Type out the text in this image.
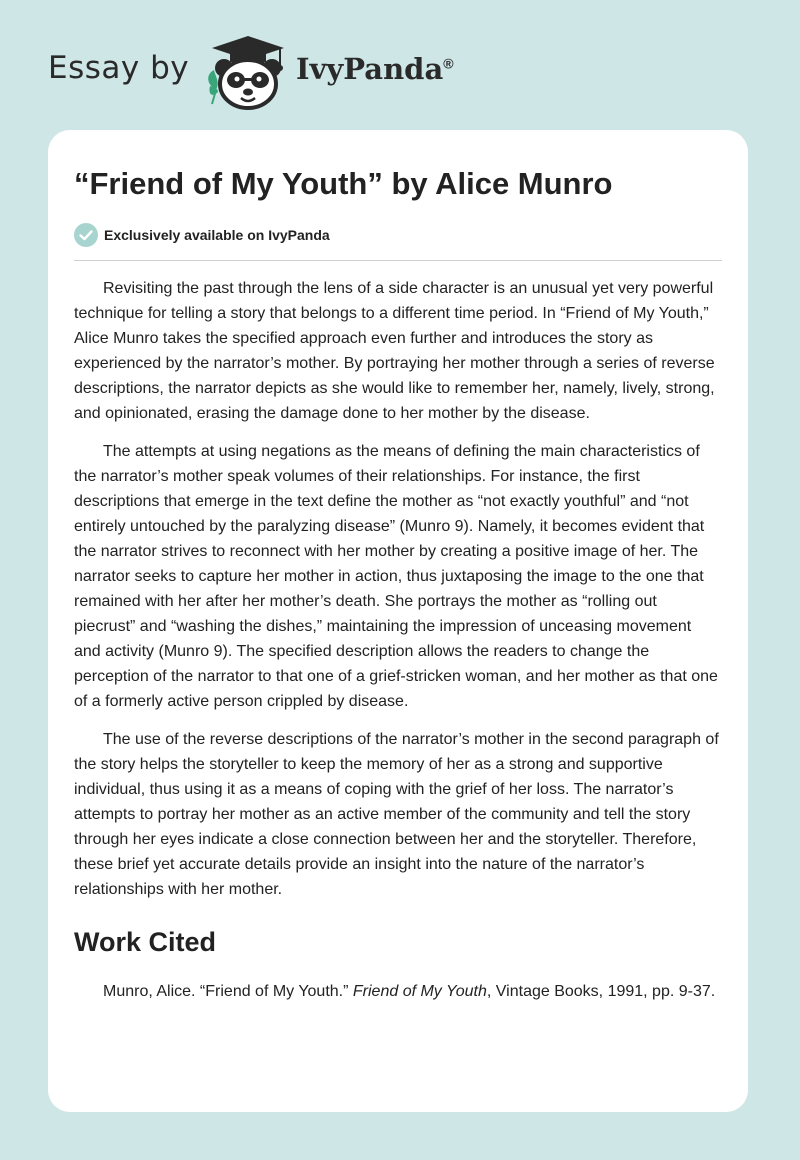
Essay by	IvyPanda®
“Friend of My Youth” by Alice Munro
Exclusively available on IvyPanda

Revisiting the past through the lens of a side character is an unusual yet very powerful technique for telling a story that belongs to a different time period. In “Friend of My Youth,” Alice Munro takes the specified approach even further and introduces the story as experienced by the narrator’s mother. By portraying her mother through a series of reverse descriptions, the narrator depicts as she would like to remember her, namely, lively, strong, and opinionated, erasing the damage done to her mother by the disease.

The attempts at using negations as the means of defining the main characteristics of the narrator’s mother speak volumes of their relationships. For instance, the first descriptions that emerge in the text define the mother as “not exactly youthful” and “not entirely untouched by the paralyzing disease” (Munro 9). Namely, it becomes evident that the narrator strives to reconnect with her mother by creating a positive image of her. The narrator seeks to capture her mother in action, thus juxtaposing the image to the one that remained with her after her mother’s death. She portrays the mother as “rolling out piecrust” and “washing the dishes,” maintaining the impression of unceasing movement and activity (Munro 9). The specified description allows the readers to change the perception of the narrator to that one of a grief-stricken woman, and her mother as that one of a formerly active person crippled by disease.

The use of the reverse descriptions of the narrator’s mother in the second paragraph of the story helps the storyteller to keep the memory of her as a strong and supportive individual, thus using it as a means of coping with the grief of her loss. The narrator’s attempts to portray her mother as an active member of the community and tell the story through her eyes indicate a close connection between her and the storyteller. Therefore, these brief yet accurate details provide an insight into the nature of the narrator’s relationships with her mother.

Work Cited

Munro, Alice. “Friend of My Youth.” Friend of My Youth, Vintage Books, 1991, pp. 9-37.
